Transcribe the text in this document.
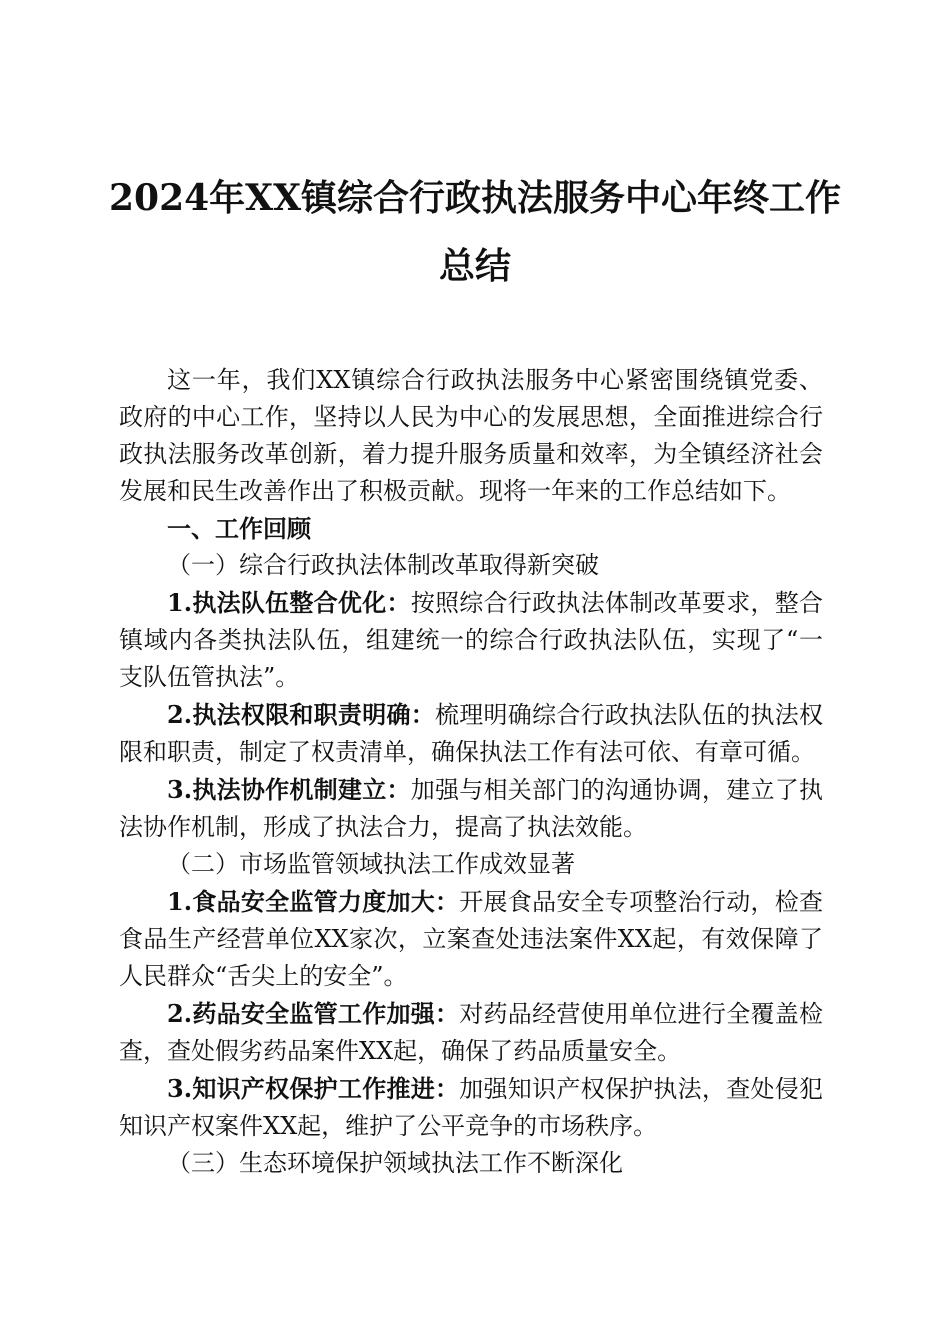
2024年XX镇综合行政执法服务中心年终工作
总结

这一年，我们XX镇综合行政执法服务中心紧密围绕镇党委、政府的中心工作，坚持以人民为中心的发展思想，全面推进综合行政执法服务改革创新，着力提升服务质量和效率，为全镇经济社会发展和民生改善作出了积极贡献。现将一年来的工作总结如下。

一、工作回顾

（一）综合行政执法体制改革取得新突破

1.执法队伍整合优化：按照综合行政执法体制改革要求，整合镇域内各类执法队伍，组建统一的综合行政执法队伍，实现了“一支队伍管执法”。

2.执法权限和职责明确：梳理明确综合行政执法队伍的执法权限和职责，制定了权责清单，确保执法工作有法可依、有章可循。

3.执法协作机制建立：加强与相关部门的沟通协调，建立了执法协作机制，形成了执法合力，提高了执法效能。

（二）市场监管领域执法工作成效显著

1.食品安全监管力度加大：开展食品安全专项整治行动，检查食品生产经营单位XX家次，立案查处违法案件XX起，有效保障了人民群众“舌尖上的安全”。

2.药品安全监管工作加强：对药品经营使用单位进行全覆盖检查，查处假劣药品案件XX起，确保了药品质量安全。

3.知识产权保护工作推进：加强知识产权保护执法，查处侵犯知识产权案件XX起，维护了公平竞争的市场秩序。

（三）生态环境保护领域执法工作不断深化
